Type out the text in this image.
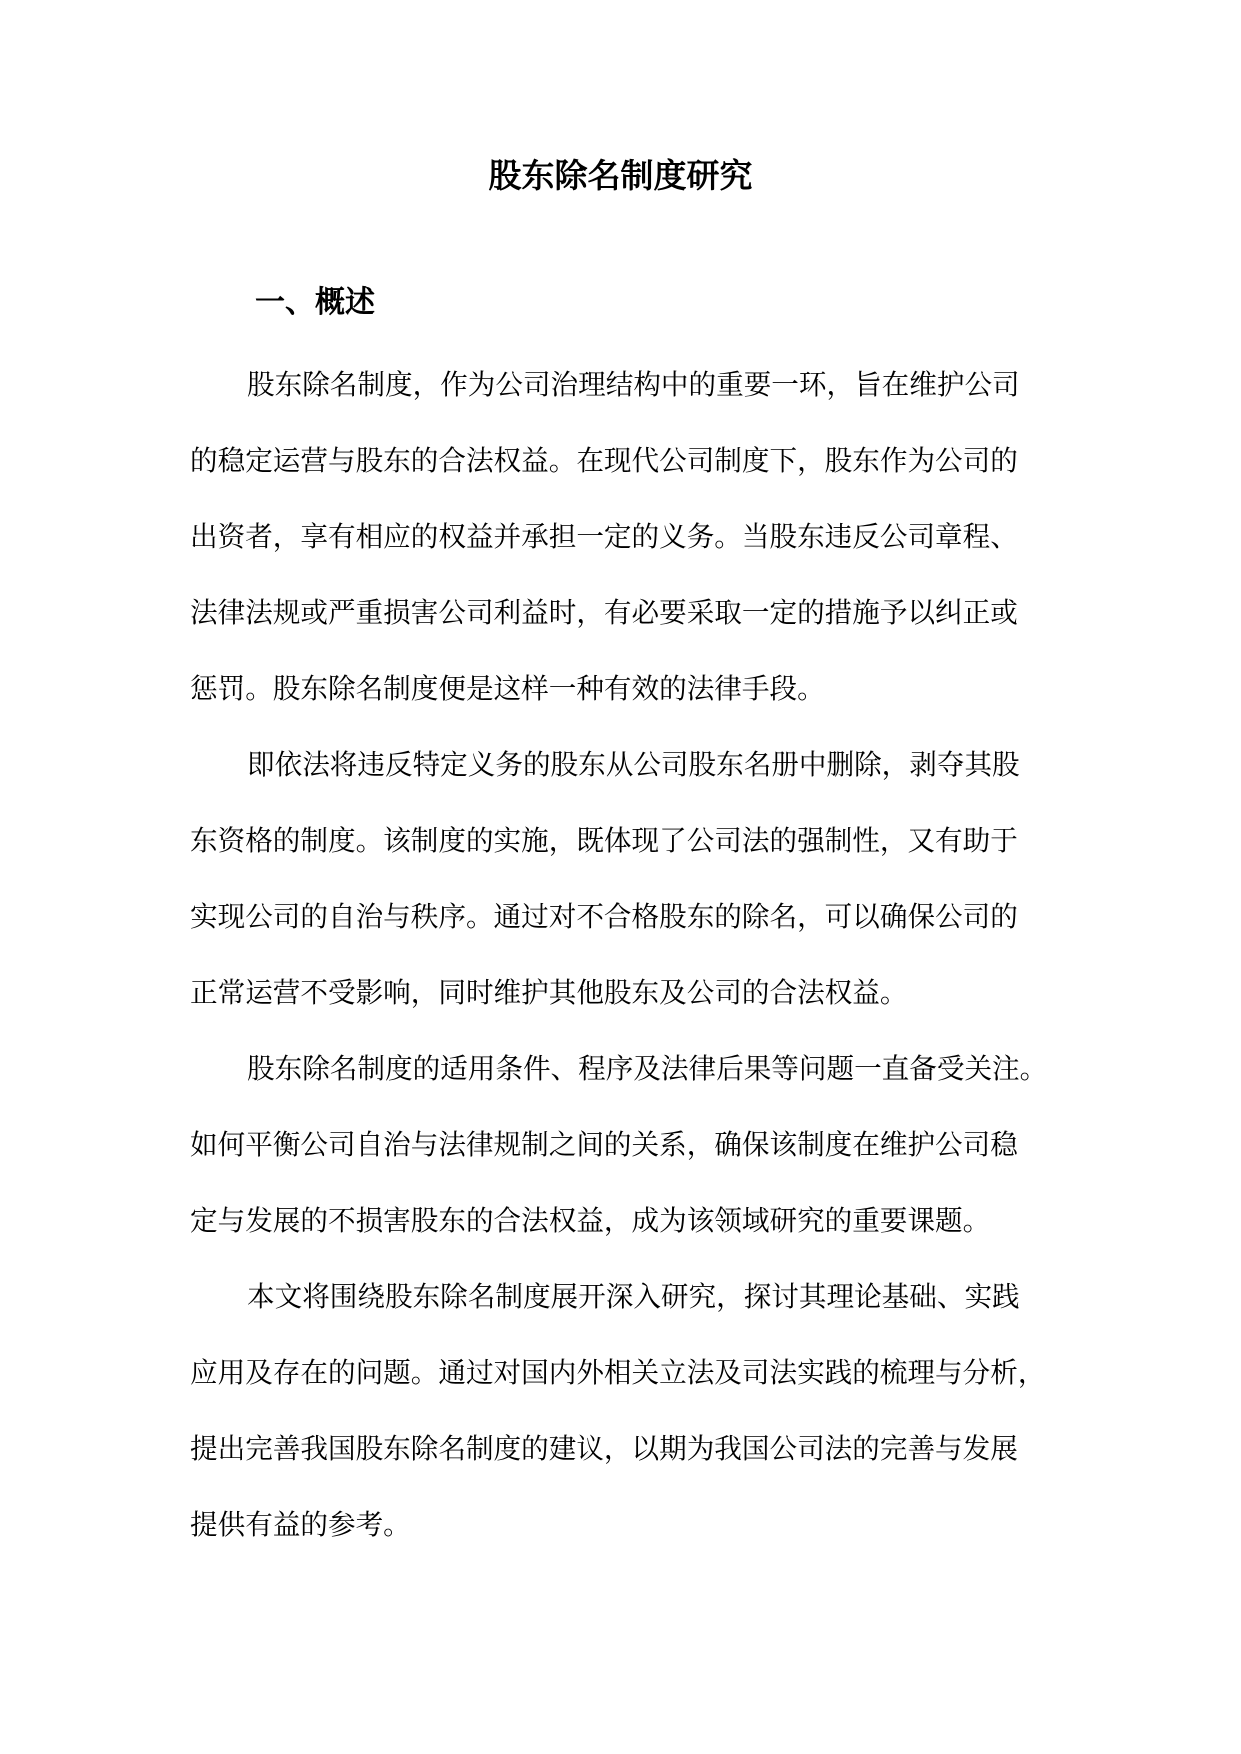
股东除名制度研究
一、概述
股东除名制度，作为公司治理结构中的重要一环，旨在维护公司
的稳定运营与股东的合法权益。在现代公司制度下，股东作为公司的
出资者，享有相应的权益并承担一定的义务。当股东违反公司章程、
法律法规或严重损害公司利益时，有必要采取一定的措施予以纠正或
惩罚。股东除名制度便是这样一种有效的法律手段。
即依法将违反特定义务的股东从公司股东名册中删除，剥夺其股
东资格的制度。该制度的实施，既体现了公司法的强制性，又有助于
实现公司的自治与秩序。通过对不合格股东的除名，可以确保公司的
正常运营不受影响，同时维护其他股东及公司的合法权益。
股东除名制度的适用条件、程序及法律后果等问题一直备受关注。
如何平衡公司自治与法律规制之间的关系，确保该制度在维护公司稳
定与发展的不损害股东的合法权益，成为该领域研究的重要课题。
本文将围绕股东除名制度展开深入研究，探讨其理论基础、实践
应用及存在的问题。通过对国内外相关立法及司法实践的梳理与分析，
提出完善我国股东除名制度的建议，以期为我国公司法的完善与发展
提供有益的参考。
